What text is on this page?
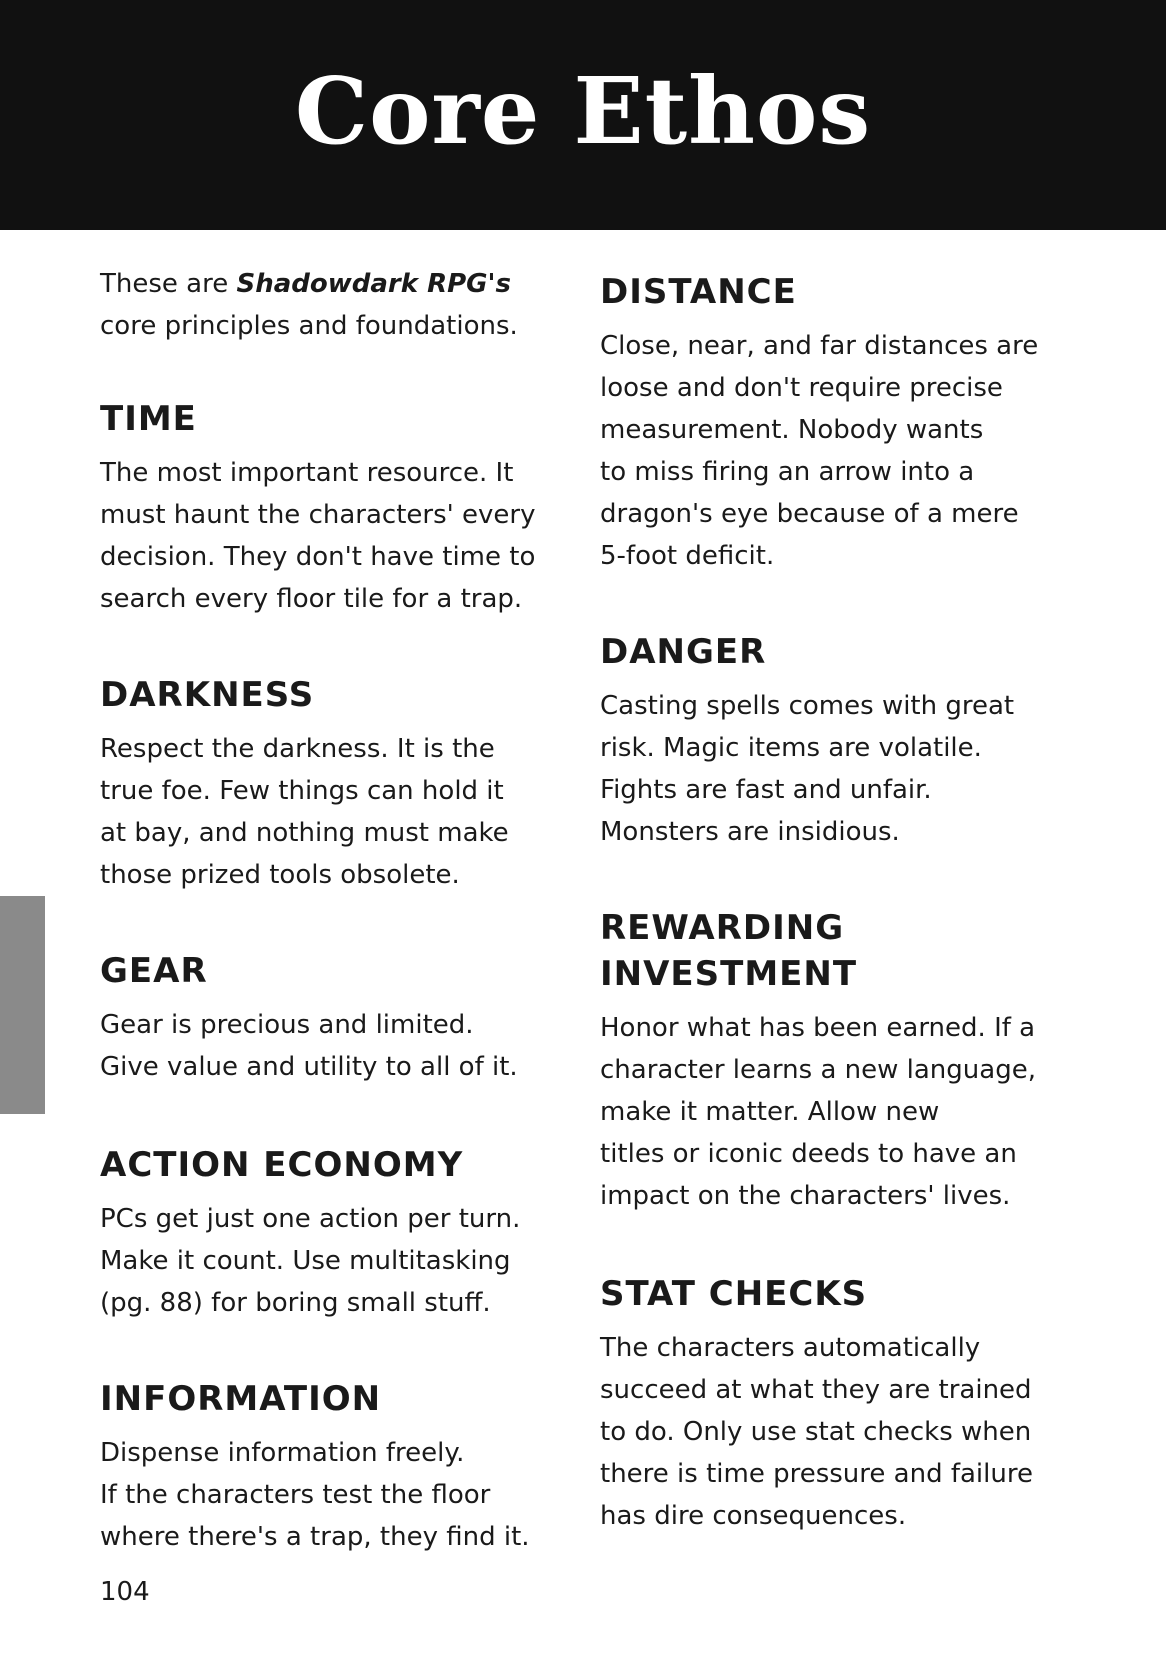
Core Ethos

These are Shadowdark RPG's
core principles and foundations.

TIME

The most important resource. It
must haunt the characters' every
decision. They don't have time to
search every floor tile for a trap.

DARKNESS

Respect the darkness. It is the
true foe. Few things can hold it
at bay, and nothing must make
those prized tools obsolete.

GEAR

Gear is precious and limited.
Give value and utility to all of it.

ACTION ECONOMY

PCs get just one action per turn.
Make it count. Use multitasking
(pg. 88) for boring small stuff.

INFORMATION

Dispense information freely.
If the characters test the floor
where there's a trap, they find it.

DISTANCE

Close, near, and far distances are
loose and don't require precise
measurement. Nobody wants
to miss firing an arrow into a
dragon's eye because of a mere
5-foot deficit.

DANGER

Casting spells comes with great
risk. Magic items are volatile.
Fights are fast and unfair.
Monsters are insidious.

REWARDING
INVESTMENT

Honor what has been earned. If a
character learns a new language,
make it matter. Allow new
titles or iconic deeds to have an
impact on the characters' lives.

STAT CHECKS

The characters automatically
succeed at what they are trained
to do. Only use stat checks when
there is time pressure and failure
has dire consequences.

104
